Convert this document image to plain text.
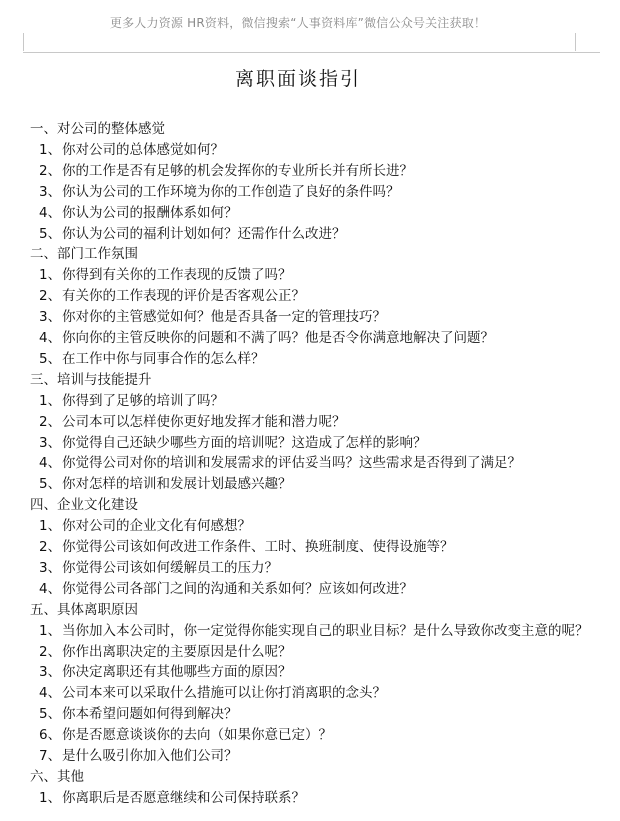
更多人力资源 HR资料，微信搜索“人事资料库”微信公众号关注获取！
离职面谈指引
一、对公司的整体感觉
1、 你对公司的总体感觉如何？
2、 你的工作是否有足够的机会发挥你的专业所长并有所长进？
3、 你认为公司的工作环境为你的工作创造了良好的条件吗？
4、 你认为公司的报酬体系如何？
5、 你认为公司的福利计划如何？还需作什么改进？
二、部门工作氛围
1、 你得到有关你的工作表现的反馈了吗？
2、 有关你的工作表现的评价是否客观公正？
3、 你对你的主管感觉如何？他是否具备一定的管理技巧？
4、 你向你的主管反映你的问题和不满了吗？他是否令你满意地解决了问题？
5、 在工作中你与同事合作的怎么样？
三、培训与技能提升
1、 你得到了足够的培训了吗？
2、 公司本可以怎样使你更好地发挥才能和潜力呢？
3、 你觉得自己还缺少哪些方面的培训呢？这造成了怎样的影响？
4、 你觉得公司对你的培训和发展需求的评估妥当吗？这些需求是否得到了满足？
5、 你对怎样的培训和发展计划最感兴趣？
四、企业文化建设
1、 你对公司的企业文化有何感想？
2、 你觉得公司该如何改进工作条件、工时、换班制度、使得设施等？
3、 你觉得公司该如何缓解员工的压力？
4、 你觉得公司各部门之间的沟通和关系如何？应该如何改进？
五、具体离职原因
1、 当你加入本公司时，你一定觉得你能实现自己的职业目标？是什么导致你改变主意的呢？
2、 你作出离职决定的主要原因是什么呢？
3、 你决定离职还有其他哪些方面的原因？
4、 公司本来可以采取什么措施可以让你打消离职的念头？
5、 你本希望问题如何得到解决？
6、 你是否愿意谈谈你的去向（如果你意已定）？
7、 是什么吸引你加入他们公司？
六、其他
1、 你离职后是否愿意继续和公司保持联系？
